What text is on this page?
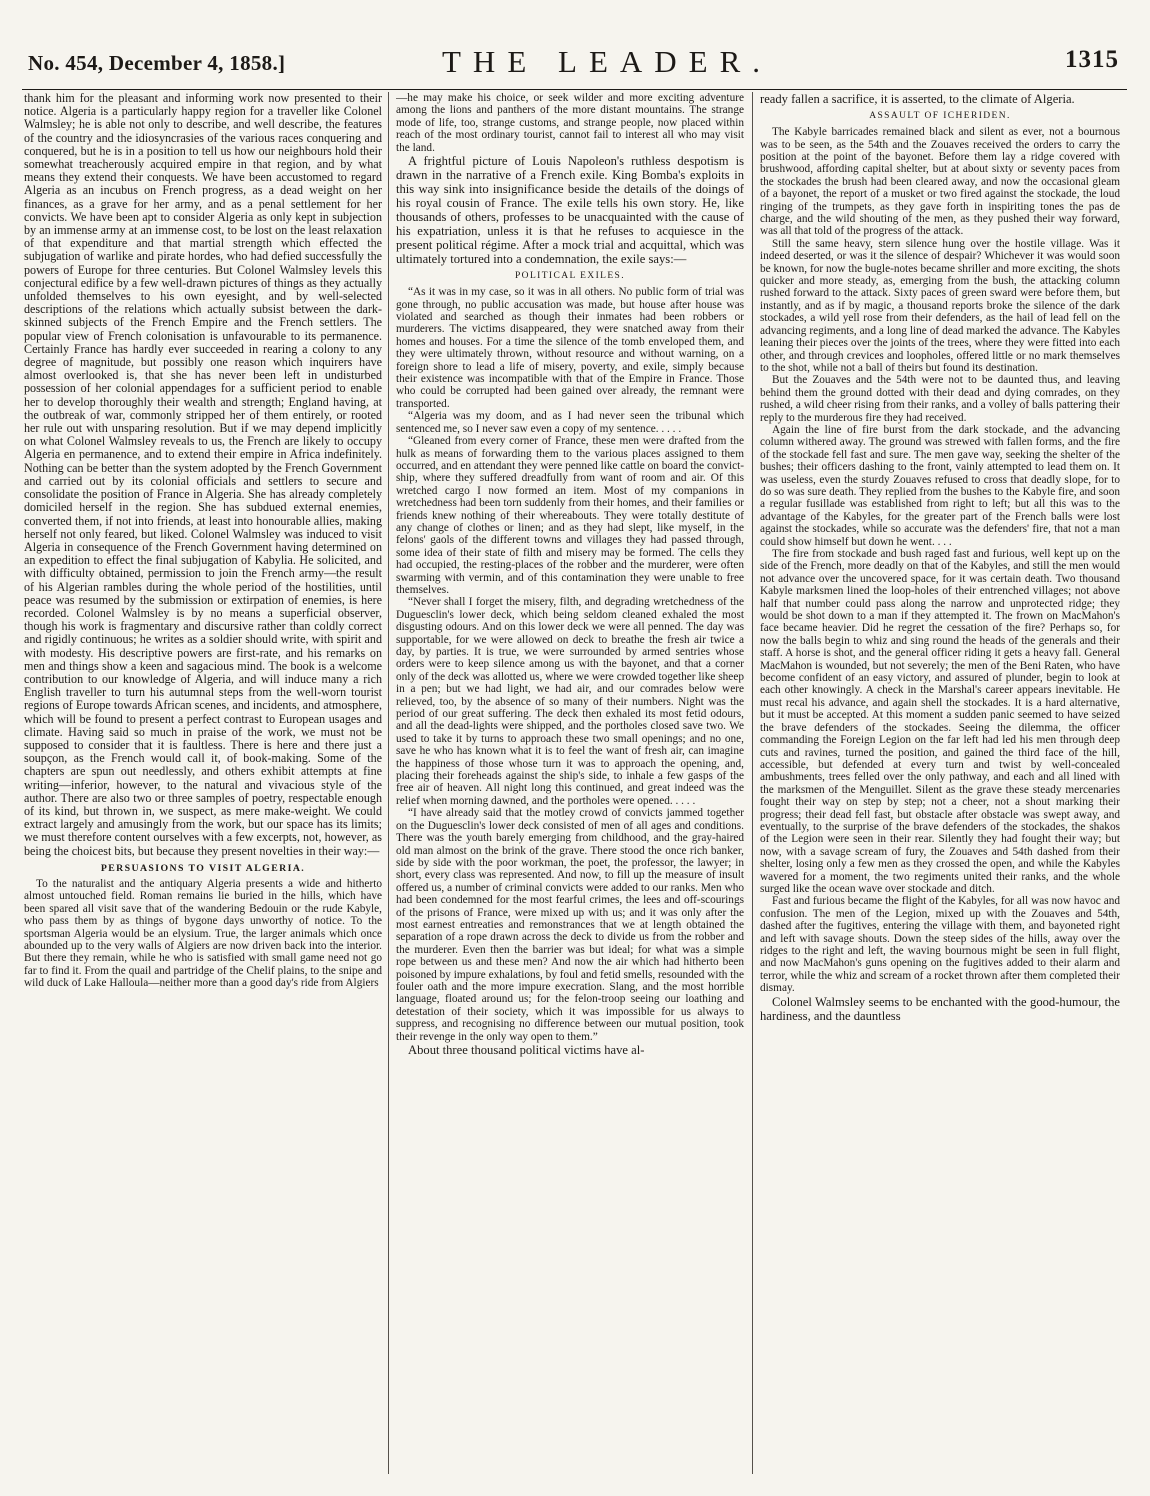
No. 454, December 4, 1858.]	THE LEADER.	1315

thank him for the pleasant and informing work now presented to their notice. Algeria is a particularly happy region for a traveller like Colonel Walmsley; he is able not only to describe, and well describe, the features of the country and the idiosyncrasies of the various races conquering and conquered, but he is in a position to tell us how our neighbours hold their somewhat treacherously acquired empire in that region, and by what means they extend their conquests. We have been accustomed to regard Algeria as an incubus on French progress, as a dead weight on her finances, as a grave for her army, and as a penal settlement for her convicts. We have been apt to consider Algeria as only kept in subjection by an immense army at an immense cost, to be lost on the least relaxation of that expenditure and that martial strength which effected the subjugation of warlike and pirate hordes, who had defied successfully the powers of Europe for three centuries. But Colonel Walmsley levels this conjectural edifice by a few well-drawn pictures of things as they actually unfolded themselves to his own eyesight, and by well-selected descriptions of the relations which actually subsist between the dark-skinned subjects of the French Empire and the French settlers. The popular view of French colonisation is unfavourable to its permanence. Certainly France has hardly ever succeeded in rearing a colony to any degree of magnitude, but possibly one reason which inquirers have almost overlooked is, that she has never been left in undisturbed possession of her colonial appendages for a sufficient period to enable her to develop thoroughly their wealth and strength; England having, at the outbreak of war, commonly stripped her of them entirely, or rooted her rule out with unsparing resolution. But if we may depend implicitly on what Colonel Walmsley reveals to us, the French are likely to occupy Algeria en permanence, and to extend their empire in Africa indefinitely. Nothing can be better than the system adopted by the French Government and carried out by its colonial officials and settlers to secure and consolidate the position of France in Algeria. She has already completely domiciled herself in the region. She has subdued external enemies, converted them, if not into friends, at least into honourable allies, making herself not only feared, but liked. Colonel Walmsley was induced to visit Algeria in consequence of the French Government having determined on an expedition to effect the final subjugation of Kabylia. He solicited, and with difficulty obtained, permission to join the French army—the result of his Algerian rambles during the whole period of the hostilities, until peace was resumed by the submission or extirpation of enemies, is here recorded. Colonel Walmsley is by no means a superficial observer, though his work is fragmentary and discursive rather than coldly correct and rigidly continuous; he writes as a soldier should write, with spirit and with modesty. His descriptive powers are first-rate, and his remarks on men and things show a keen and sagacious mind. The book is a welcome contribution to our knowledge of Algeria, and will induce many a rich English traveller to turn his autumnal steps from the well-worn tourist regions of Europe towards African scenes, and incidents, and atmosphere, which will be found to present a perfect contrast to European usages and climate. Having said so much in praise of the work, we must not be supposed to consider that it is faultless. There is here and there just a soupçon, as the French would call it, of book-making. Some of the chapters are spun out needlessly, and others exhibit attempts at fine writing—inferior, however, to the natural and vivacious style of the author. There are also two or three samples of poetry, respectable enough of its kind, but thrown in, we suspect, as mere make-weight. We could extract largely and amusingly from the work, but our space has its limits; we must therefore content ourselves with a few excerpts, not, however, as being the choicest bits, but because they present novelties in their way:—

PERSUASIONS TO VISIT ALGERIA.

To the naturalist and the antiquary Algeria presents a wide and hitherto almost untouched field. Roman remains lie buried in the hills, which have been spared all visit save that of the wandering Bedouin or the rude Kabyle, who pass them by as things of bygone days unworthy of notice. To the sportsman Algeria would be an elysium. True, the larger animals which once abounded up to the very walls of Algiers are now driven back into the interior. But there they remain, while he who is satisfied with small game need not go far to find it. From the quail and partridge of the Chelif plains, to the snipe and wild duck of Lake Halloula—neither more than a good day's ride from Algiers

—he may make his choice, or seek wilder and more exciting adventure among the lions and panthers of the more distant mountains. The strange mode of life, too, strange customs, and strange people, now placed within reach of the most ordinary tourist, cannot fail to interest all who may visit the land.

A frightful picture of Louis Napoleon's ruthless despotism is drawn in the narrative of a French exile. King Bomba's exploits in this way sink into insignificance beside the details of the doings of his royal cousin of France. The exile tells his own story. He, like thousands of others, professes to be unacquainted with the cause of his expatriation, unless it is that he refuses to acquiesce in the present political régime. After a mock trial and acquittal, which was ultimately tortured into a condemnation, the exile says:—

POLITICAL EXILES.

“As it was in my case, so it was in all others. No public form of trial was gone through, no public accusation was made, but house after house was violated and searched as though their inmates had been robbers or murderers. The victims disappeared, they were snatched away from their homes and houses. For a time the silence of the tomb enveloped them, and they were ultimately thrown, without resource and without warning, on a foreign shore to lead a life of misery, poverty, and exile, simply because their existence was incompatible with that of the Empire in France. Those who could be corrupted had been gained over already, the remnant were transported.

“Algeria was my doom, and as I had never seen the tribunal which sentenced me, so I never saw even a copy of my sentence. . . . .

“Gleaned from every corner of France, these men were drafted from the hulk as means of forwarding them to the various places assigned to them occurred, and en attendant they were penned like cattle on board the convict-ship, where they suffered dreadfully from want of room and air. Of this wretched cargo I now formed an item. Most of my companions in wretchedness had been torn suddenly from their homes, and their families or friends knew nothing of their whereabouts. They were totally destitute of any change of clothes or linen; and as they had slept, like myself, in the felons' gaols of the different towns and villages they had passed through, some idea of their state of filth and misery may be formed. The cells they had occupied, the resting-places of the robber and the murderer, were often swarming with vermin, and of this contamination they were unable to free themselves.

“Never shall I forget the misery, filth, and degrading wretchedness of the Duguesclin's lower deck, which being seldom cleaned exhaled the most disgusting odours. And on this lower deck we were all penned. The day was supportable, for we were allowed on deck to breathe the fresh air twice a day, by parties. It is true, we were surrounded by armed sentries whose orders were to keep silence among us with the bayonet, and that a corner only of the deck was allotted us, where we were crowded together like sheep in a pen; but we had light, we had air, and our comrades below were relieved, too, by the absence of so many of their numbers. Night was the period of our great suffering. The deck then exhaled its most fetid odours, and all the dead-lights were shipped, and the portholes closed save two. We used to take it by turns to approach these two small openings; and no one, save he who has known what it is to feel the want of fresh air, can imagine the happiness of those whose turn it was to approach the opening, and, placing their foreheads against the ship's side, to inhale a few gasps of the free air of heaven. All night long this continued, and great indeed was the relief when morning dawned, and the portholes were opened. . . . .

“I have already said that the motley crowd of convicts jammed together on the Duguesclin's lower deck consisted of men of all ages and conditions. There was the youth barely emerging from childhood, and the gray-haired old man almost on the brink of the grave. There stood the once rich banker, side by side with the poor workman, the poet, the professor, the lawyer; in short, every class was represented. And now, to fill up the measure of insult offered us, a number of criminal convicts were added to our ranks. Men who had been condemned for the most fearful crimes, the lees and off-scourings of the prisons of France, were mixed up with us; and it was only after the most earnest entreaties and remonstrances that we at length obtained the separation of a rope drawn across the deck to divide us from the robber and the murderer. Even then the barrier was but ideal; for what was a simple rope between us and these men? And now the air which had hitherto been poisoned by impure exhalations, by foul and fetid smells, resounded with the fouler oath and the more impure execration. Slang, and the most horrible language, floated around us; for the felon-troop seeing our loathing and detestation of their society, which it was impossible for us always to suppress, and recognising no difference between our mutual position, took their revenge in the only way open to them.”

About three thousand political victims have al-

ready fallen a sacrifice, it is asserted, to the climate of Algeria.

ASSAULT OF ICHERIDEN.

The Kabyle barricades remained black and silent as ever, not a bournous was to be seen, as the 54th and the Zouaves received the orders to carry the position at the point of the bayonet. Before them lay a ridge covered with brushwood, affording capital shelter, but at about sixty or seventy paces from the stockades the brush had been cleared away, and now the occasional gleam of a bayonet, the report of a musket or two fired against the stockade, the loud ringing of the trumpets, as they gave forth in inspiriting tones the pas de charge, and the wild shouting of the men, as they pushed their way forward, was all that told of the progress of the attack.

Still the same heavy, stern silence hung over the hostile village. Was it indeed deserted, or was it the silence of despair? Whichever it was would soon be known, for now the bugle-notes became shriller and more exciting, the shots quicker and more steady, as, emerging from the bush, the attacking column rushed forward to the attack. Sixty paces of green sward were before them, but instantly, and as if by magic, a thousand reports broke the silence of the dark stockades, a wild yell rose from their defenders, as the hail of lead fell on the advancing regiments, and a long line of dead marked the advance. The Kabyles leaning their pieces over the joints of the trees, where they were fitted into each other, and through crevices and loopholes, offered little or no mark themselves to the shot, while not a ball of theirs but found its destination.

But the Zouaves and the 54th were not to be daunted thus, and leaving behind them the ground dotted with their dead and dying comrades, on they rushed, a wild cheer rising from their ranks, and a volley of balls pattering their reply to the murderous fire they had received.

Again the line of fire burst from the dark stockade, and the advancing column withered away. The ground was strewed with fallen forms, and the fire of the stockade fell fast and sure. The men gave way, seeking the shelter of the bushes; their officers dashing to the front, vainly attempted to lead them on. It was useless, even the sturdy Zouaves refused to cross that deadly slope, for to do so was sure death. They replied from the bushes to the Kabyle fire, and soon a regular fusillade was established from right to left; but all this was to the advantage of the Kabyles, for the greater part of the French balls were lost against the stockades, while so accurate was the defenders' fire, that not a man could show himself but down he went. . . .

The fire from stockade and bush raged fast and furious, well kept up on the side of the French, more deadly on that of the Kabyles, and still the men would not advance over the uncovered space, for it was certain death. Two thousand Kabyle marksmen lined the loop-holes of their entrenched villages; not above half that number could pass along the narrow and unprotected ridge; they would be shot down to a man if they attempted it. The frown on MacMahon's face became heavier. Did he regret the cessation of the fire? Perhaps so, for now the balls begin to whiz and sing round the heads of the generals and their staff. A horse is shot, and the general officer riding it gets a heavy fall. General MacMahon is wounded, but not severely; the men of the Beni Raten, who have become confident of an easy victory, and assured of plunder, begin to look at each other knowingly. A check in the Marshal's career appears inevitable. He must recal his advance, and again shell the stockades. It is a hard alternative, but it must be accepted. At this moment a sudden panic seemed to have seized the brave defenders of the stockades. Seeing the dilemma, the officer commanding the Foreign Legion on the far left had led his men through deep cuts and ravines, turned the position, and gained the third face of the hill, accessible, but defended at every turn and twist by well-concealed ambushments, trees felled over the only pathway, and each and all lined with the marksmen of the Menguillet. Silent as the grave these steady mercenaries fought their way on step by step; not a cheer, not a shout marking their progress; their dead fell fast, but obstacle after obstacle was swept away, and eventually, to the surprise of the brave defenders of the stockades, the shakos of the Legion were seen in their rear. Silently they had fought their way; but now, with a savage scream of fury, the Zouaves and 54th dashed from their shelter, losing only a few men as they crossed the open, and while the Kabyles wavered for a moment, the two regiments united their ranks, and the whole surged like the ocean wave over stockade and ditch.

Fast and furious became the flight of the Kabyles, for all was now havoc and confusion. The men of the Legion, mixed up with the Zouaves and 54th, dashed after the fugitives, entering the village with them, and bayoneted right and left with savage shouts. Down the steep sides of the hills, away over the ridges to the right and left, the waving bournous might be seen in full flight, and now MacMahon's guns opening on the fugitives added to their alarm and terror, while the whiz and scream of a rocket thrown after them completed their dismay.

Colonel Walmsley seems to be enchanted with the good-humour, the hardiness, and the dauntless
